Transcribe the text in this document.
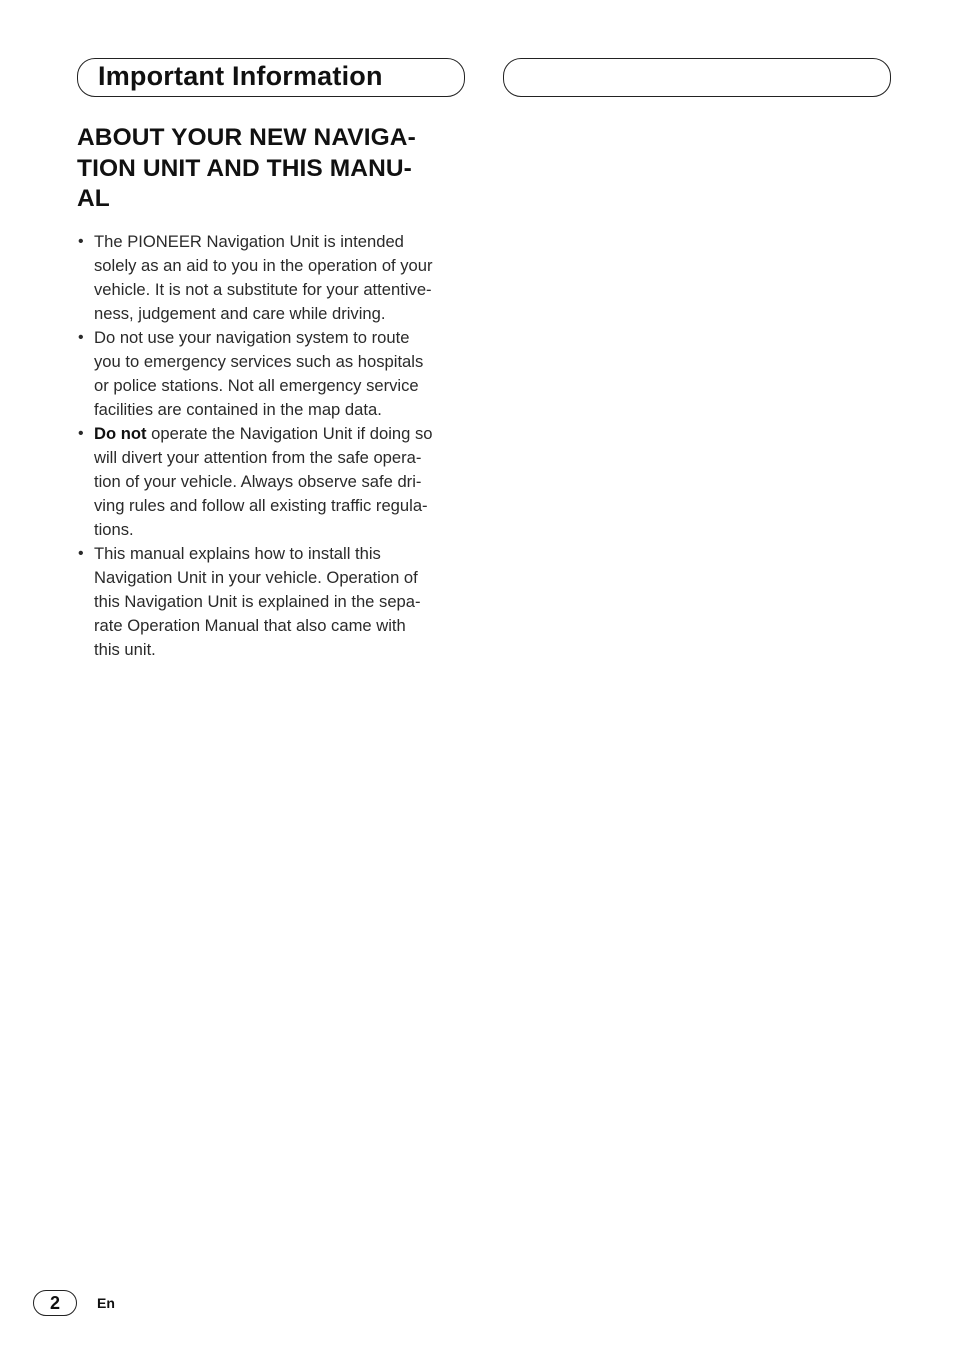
Important Information
ABOUT YOUR NEW NAVIGA-
TION UNIT AND THIS MANU-
AL
• The PIONEER Navigation Unit is intended
solely as an aid to you in the operation of your
vehicle. It is not a substitute for your attentive-
ness, judgement and care while driving.
• Do not use your navigation system to route
you to emergency services such as hospitals
or police stations. Not all emergency service
facilities are contained in the map data.
• Do not operate the Navigation Unit if doing so
will divert your attention from the safe opera-
tion of your vehicle. Always observe safe dri-
ving rules and follow all existing traffic regula-
tions.
• This manual explains how to install this
Navigation Unit in your vehicle. Operation of
this Navigation Unit is explained in the sepa-
rate Operation Manual that also came with
this unit.
2	En
